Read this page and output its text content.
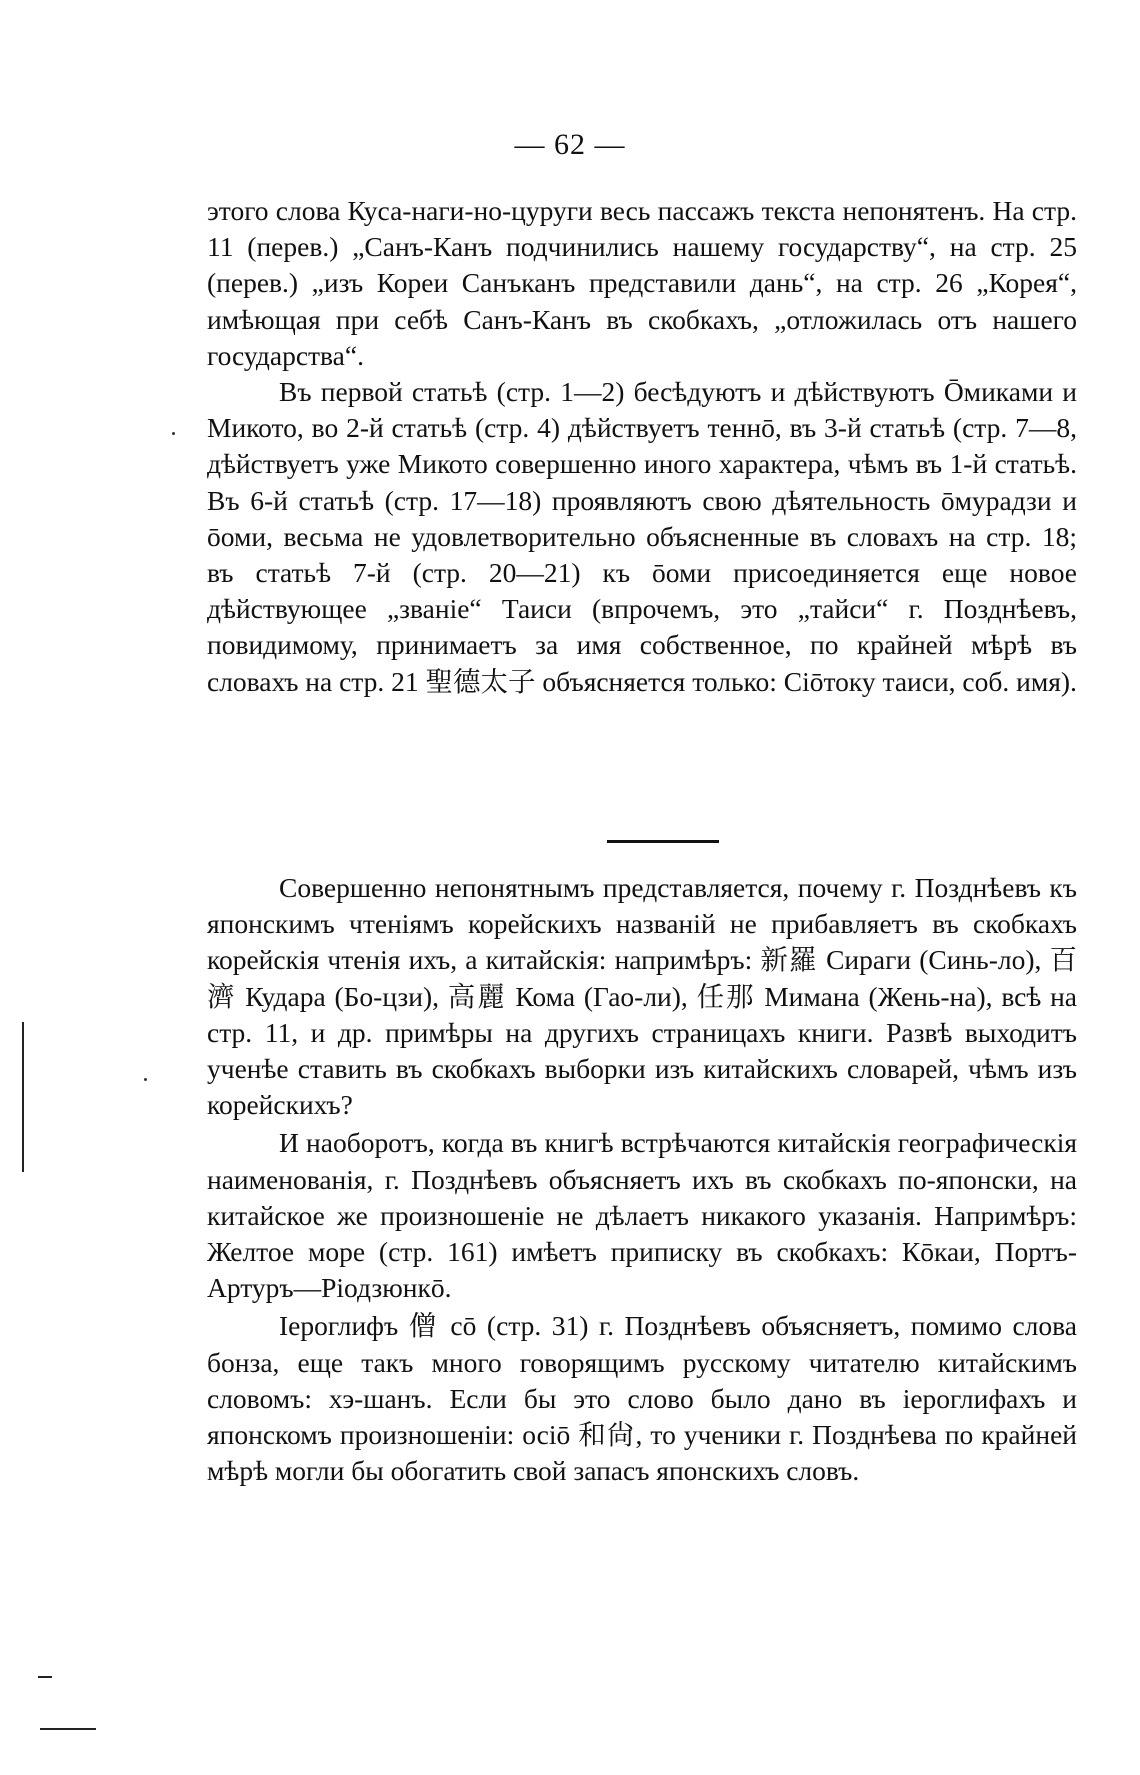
— 62 —

этого слова Куса-наги-но-цуруги весь пассажъ текста непонятенъ. На стр. 11 (перев.) „Санъ-Канъ подчинились нашему государству“, на стр. 25 (перев.) „изъ Кореи Санъканъ представили дань“, на стр. 26 „Корея“, имѣющая при себѣ Санъ-Канъ въ скобкахъ, „отложилась отъ нашего государства“.

Въ первой статьѣ (стр. 1—2) бесѣдуютъ и дѣйствуютъ Ōмиками и Микото, во 2-й статьѣ (стр. 4) дѣйствуетъ теннō, въ 3-й статьѣ (стр. 7—8, дѣйствуетъ уже Микото совершенно иного характера, чѣмъ въ 1-й статьѣ. Въ 6-й статьѣ (стр. 17—18) проявляютъ свою дѣятельность ōмурадзи и ōоми, весьма не удовлетворительно объясненные въ словахъ на стр. 18; въ статьѣ 7-й (стр. 20—21) къ ōоми присоединяется еще новое дѣйствующее „званіе“ Таиси (впрочемъ, это „тайси“ г. Позднѣевъ, повидимому, принимаетъ за имя собственное, по крайней мѣрѣ въ словахъ на стр. 21 聖德太子 объясняется только: Сіōтоку таиси, соб. имя).

Совершенно непонятнымъ представляется, почему г. Позднѣевъ къ японскимъ чтеніямъ корейскихъ названій не прибавляетъ въ скобкахъ корейскія чтенія ихъ, а китайскія: напримѣръ: 新羅 Сираги (Синь-ло), 百濟 Кудара (Бо-цзи), 高麗 Кома (Гао-ли), 任那 Мимана (Жень-на), всѣ на стр. 11, и др. примѣры на другихъ страницахъ книги. Развѣ выходитъ ученѣе ставить въ скобкахъ выборки изъ китайскихъ словарей, чѣмъ изъ корейскихъ?

И наоборотъ, когда въ книгѣ встрѣчаются китайскія географическія наименованія, г. Позднѣевъ объясняетъ ихъ въ скобкахъ по-японски, на китайское же произношеніе не дѣлаетъ никакого указанія. Напримѣръ: Желтое море (стр. 161) имѣетъ приписку въ скобкахъ: Кōкаи, Портъ-Артуръ—Ріодзюнкō.

Іероглифъ 僧 сō (стр. 31) г. Позднѣевъ объясняетъ, помимо слова бонза, еще такъ много говорящимъ русскому читателю китайскимъ словомъ: хэ-шанъ. Если бы это слово было дано въ іероглифахъ и японскомъ произношеніи: осiō 和尙, то ученики г. Позднѣева по крайней мѣрѣ могли бы обогатить свой запасъ японскихъ словъ.
